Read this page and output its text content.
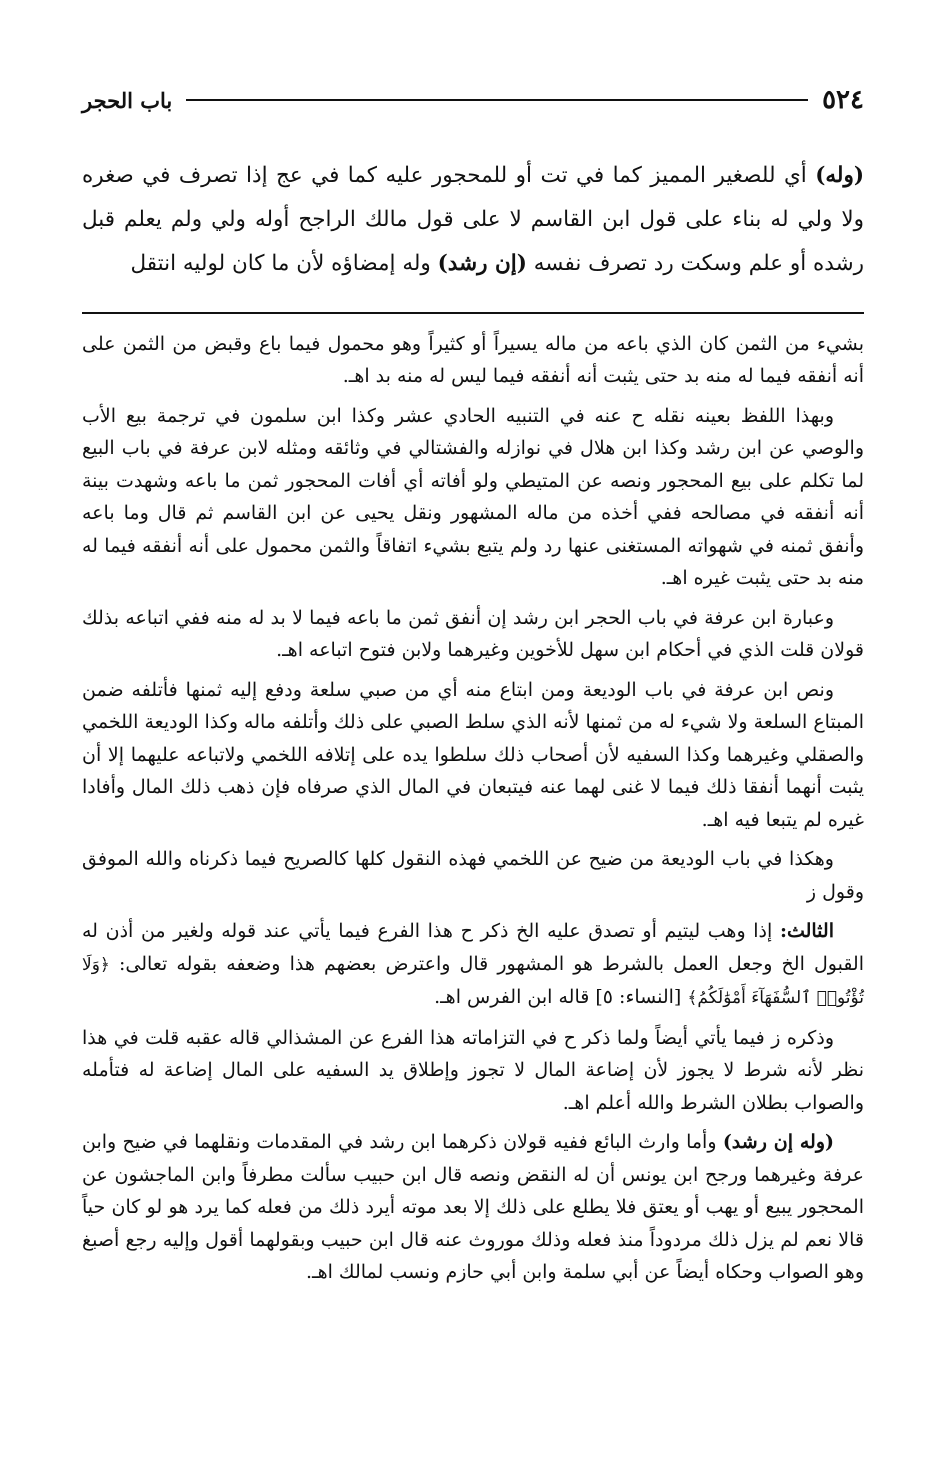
٥٢٤
باب الحجر

(وله) أي للصغير المميز كما في تت أو للمحجور عليه كما في عج إذا تصرف في صغره ولا ولي له بناء على قول ابن القاسم لا على قول مالك الراجح أوله ولي ولم يعلم قبل رشده أو علم وسكت رد تصرف نفسه (إن رشد) وله إمضاؤه لأن ما كان لوليه انتقل

بشيء من الثمن كان الذي باعه من ماله يسيراً أو كثيراً وهو محمول فيما باع وقبض من الثمن على أنه أنفقه فيما له منه بد حتى يثبت أنه أنفقه فيما ليس له منه بد اهـ.

وبهذا اللفظ بعينه نقله ح عنه في التنبيه الحادي عشر وكذا ابن سلمون في ترجمة بيع الأب والوصي عن ابن رشد وكذا ابن هلال في نوازله والفشتالي في وثائقه ومثله لابن عرفة في باب البيع لما تكلم على بيع المحجور ونصه عن المتيطي ولو أفاته أي أفات المحجور ثمن ما باعه وشهدت بينة أنه أنفقه في مصالحه ففي أخذه من ماله المشهور ونقل يحيى عن ابن القاسم ثم قال وما باعه وأنفق ثمنه في شهواته المستغنى عنها رد ولم يتبع بشيء اتفاقاً والثمن محمول على أنه أنفقه فيما له منه بد حتى يثبت غيره اهـ.

وعبارة ابن عرفة في باب الحجر ابن رشد إن أنفق ثمن ما باعه فيما لا بد له منه ففي اتباعه بذلك قولان قلت الذي في أحكام ابن سهل للأخوين وغيرهما ولابن فتوح اتباعه اهـ.

ونص ابن عرفة في باب الوديعة ومن ابتاع منه أي من صبي سلعة ودفع إليه ثمنها فأتلفه ضمن المبتاع السلعة ولا شيء له من ثمنها لأنه الذي سلط الصبي على ذلك وأتلفه ماله وكذا الوديعة اللخمي والصقلي وغيرهما وكذا السفيه لأن أصحاب ذلك سلطوا يده على إتلافه اللخمي ولاتباعه عليهما إلا أن يثبت أنهما أنفقا ذلك فيما لا غنى لهما عنه فيتبعان في المال الذي صرفاه فإن ذهب ذلك المال وأفادا غيره لم يتبعا فيه اهـ.

وهكذا في باب الوديعة من ضيح عن اللخمي فهذه النقول كلها كالصريح فيما ذكرناه والله الموفق وقول ز

الثالث: إذا وهب ليتيم أو تصدق عليه الخ ذكر ح هذا الفرع فيما يأتي عند قوله ولغير من أذن له القبول الخ وجعل العمل بالشرط هو المشهور قال واعترض بعضهم هذا وضعفه بقوله تعالى: ﴿وَلَا تُؤْتُوا۟ ٱلسُّفَهَآءَ أَمْوَٰلَكُمُ﴾ [النساء: ٥] قاله ابن الفرس اهـ.

وذكره ز فيما يأتي أيضاً ولما ذكر ح في التزاماته هذا الفرع عن المشذالي قاله عقبه قلت في هذا نظر لأنه شرط لا يجوز لأن إضاعة المال لا تجوز وإطلاق يد السفيه على المال إضاعة له فتأمله والصواب بطلان الشرط والله أعلم اهـ.

(وله إن رشد) وأما وارث البائع ففيه قولان ذكرهما ابن رشد في المقدمات ونقلهما في ضيح وابن عرفة وغيرهما ورجح ابن يونس أن له النقض ونصه قال ابن حبيب سألت مطرفاً وابن الماجشون عن المحجور يبيع أو يهب أو يعتق فلا يطلع على ذلك إلا بعد موته أيرد ذلك من فعله كما يرد هو لو كان حياً قالا نعم لم يزل ذلك مردوداً منذ فعله وذلك موروث عنه قال ابن حبيب وبقولهما أقول وإليه رجع أصبغ وهو الصواب وحكاه أيضاً عن أبي سلمة وابن أبي حازم ونسب لمالك اهـ.
